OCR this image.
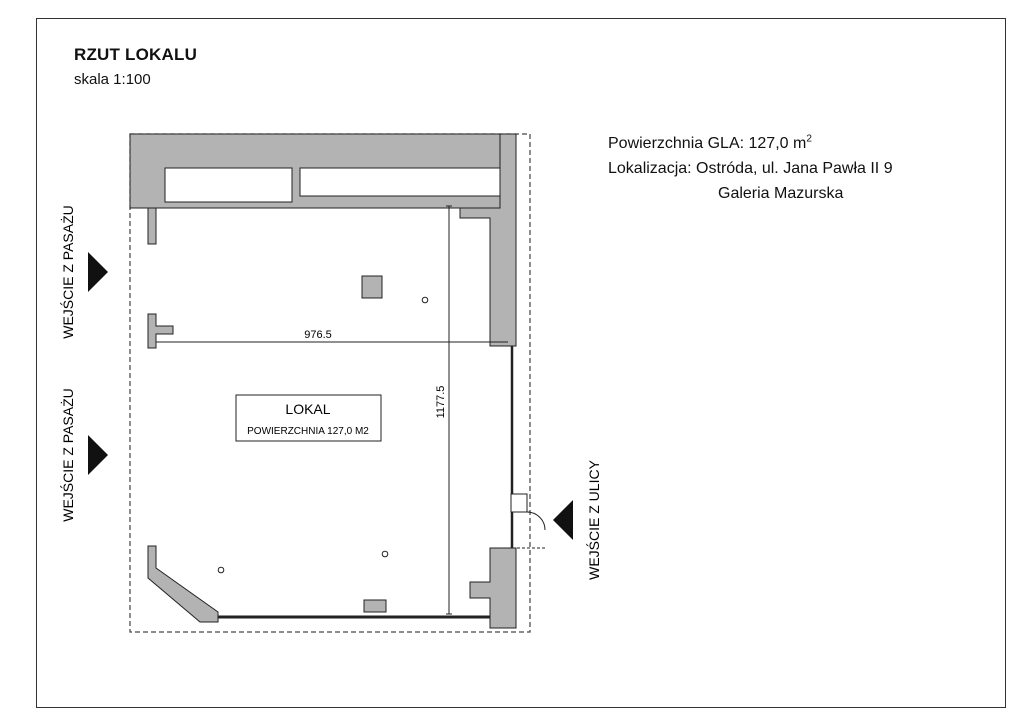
RZUT LOKALU
skala 1:100
Powierzchnia GLA: 127,0 $m^2$
Lokalizacja: Ostróda, ul. Jana Pawła II 9
Galeria Mazurska
LOKAL
POWIERZCHNIA 127,0 M2
976.5
1177.5
WEJŚCIE Z PASAŻU
WEJŚCIE Z PASAŻU	WEJŚCIE Z ULICY
